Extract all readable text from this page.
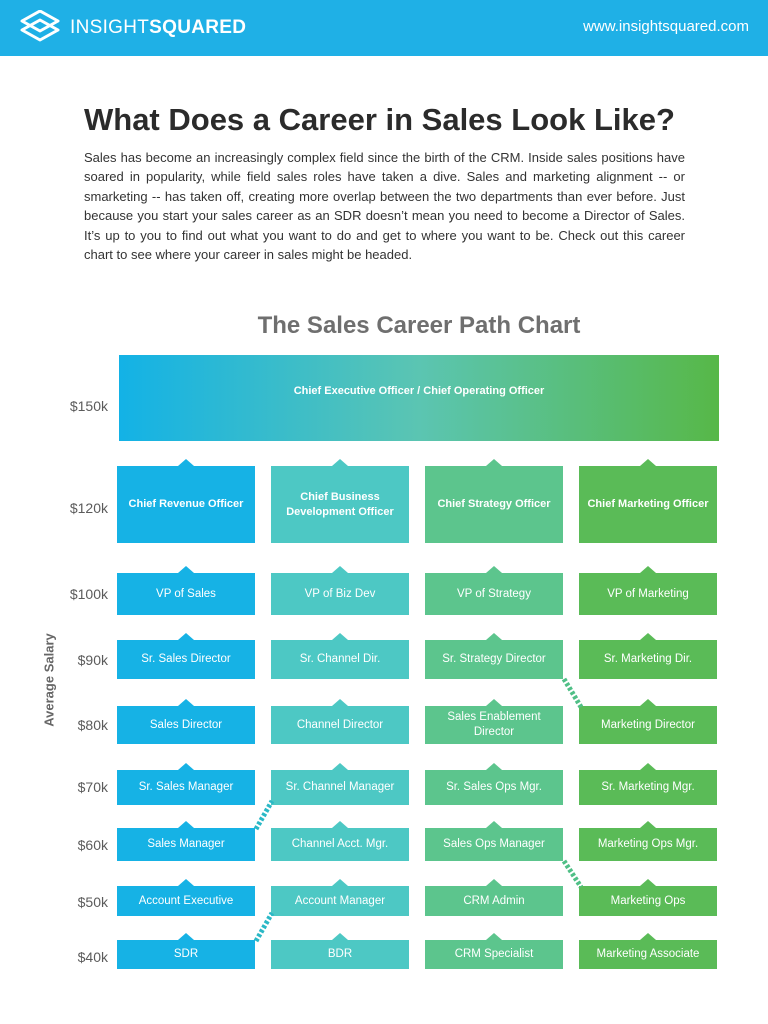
INSIGHTSQUARED	www.insightsquared.com
What Does a Career in Sales Look Like?

Sales has become an increasingly complex field since the birth of the CRM. Inside sales positions have soared in popularity, while field sales roles have taken a dive. Sales and marketing alignment -- or smarketing -- has taken off, creating more overlap between the two departments than ever before. Just because you start your sales career as an SDR doesn’t mean you need to become a Director of Sales. It’s up to you to find out what you want to do and get to where you want to be. Check out this career chart to see where your career in sales might be headed.

The Sales Career Path Chart
Average Salary
$150k
$120k
$100k
$90k
$80k
$70k
$60k
$50k
$40k
Chief Executive Officer / Chief Operating Officer
Chief Revenue Officer
VP of Sales
Sr. Sales Director
Sales Director
Sr. Sales Manager
Sales Manager
Account Executive
SDR
Chief Business Development Officer
VP of Biz Dev
Sr. Channel Dir.
Channel Director
Sr. Channel Manager
Channel Acct. Mgr.
Account Manager
BDR
Chief Strategy Officer
VP of Strategy
Sr. Strategy Director
Sales Enablement Director
Sr. Sales Ops Mgr.
Sales Ops Manager
CRM Admin
CRM Specialist
Chief Marketing Officer
VP of Marketing
Sr. Marketing Dir.
Marketing Director
Sr. Marketing Mgr.
Marketing Ops Mgr.
Marketing Ops
Marketing Associate
